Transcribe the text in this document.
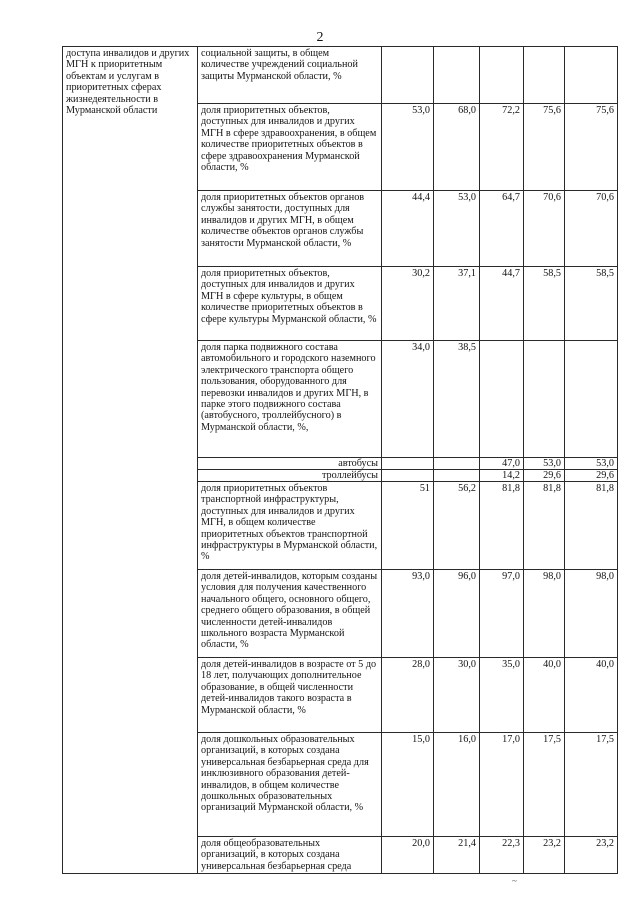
2
доступа инвалидов и других МГН к приоритетным объектам и услугам в приоритетных сферах жизнедеятельности в Мурманской области	социальной защиты, в общем количестве учреждений социальной защиты Мурманской области, %					
	доля приоритетных объектов, доступных для инвалидов и других МГН в сфере здравоохранения, в общем количестве приоритетных объектов в сфере здравоохранения Мурманской области, %	53,0	68,0	72,2	75,6	75,6
	доля приоритетных объектов органов службы занятости, доступных для инвалидов и других МГН, в общем количестве объектов органов службы занятости Мурманской области, %	44,4	53,0	64,7	70,6	70,6
	доля приоритетных объектов, доступных для инвалидов и других МГН в сфере культуры, в общем количестве приоритетных объектов в сфере культуры Мурманской области, %	30,2	37,1	44,7	58,5	58,5
	доля парка подвижного состава автомобильного и городского наземного электрического транспорта общего пользования, оборудованного для перевозки инвалидов и других МГН, в парке этого подвижного состава (автобусного, троллейбусного) в Мурманской области, %,	34,0	38,5			
	автобусы			47,0	53,0	53,0
	троллейбусы			14,2	29,6	29,6
	доля приоритетных объектов транспортной инфраструктуры, доступных для инвалидов и других МГН, в общем количестве приоритетных объектов транспортной инфраструктуры в Мурманской области, %	51	56,2	81,8	81,8	81,8
	доля детей-инвалидов, которым созданы условия для получения качественного начального общего, основного общего, среднего общего образования, в общей численности детей-инвалидов школьного возраста Мурманской области, %	93,0	96,0	97,0	98,0	98,0
	доля детей-инвалидов в возрасте от 5 до 18 лет, получающих дополнительное образование, в общей численности детей-инвалидов такого возраста в Мурманской области, %	28,0	30,0	35,0	40,0	40,0
	доля дошкольных образовательных организаций, в которых создана универсальная безбарьерная среда для инклюзивного образования детей-инвалидов, в общем количестве дошкольных образовательных организаций Мурманской области, %	15,0	16,0	17,0	17,5	17,5
	доля общеобразовательных организаций, в которых создана универсальная безбарьерная среда	20,0	21,4	22,3	23,2	23,2
~
